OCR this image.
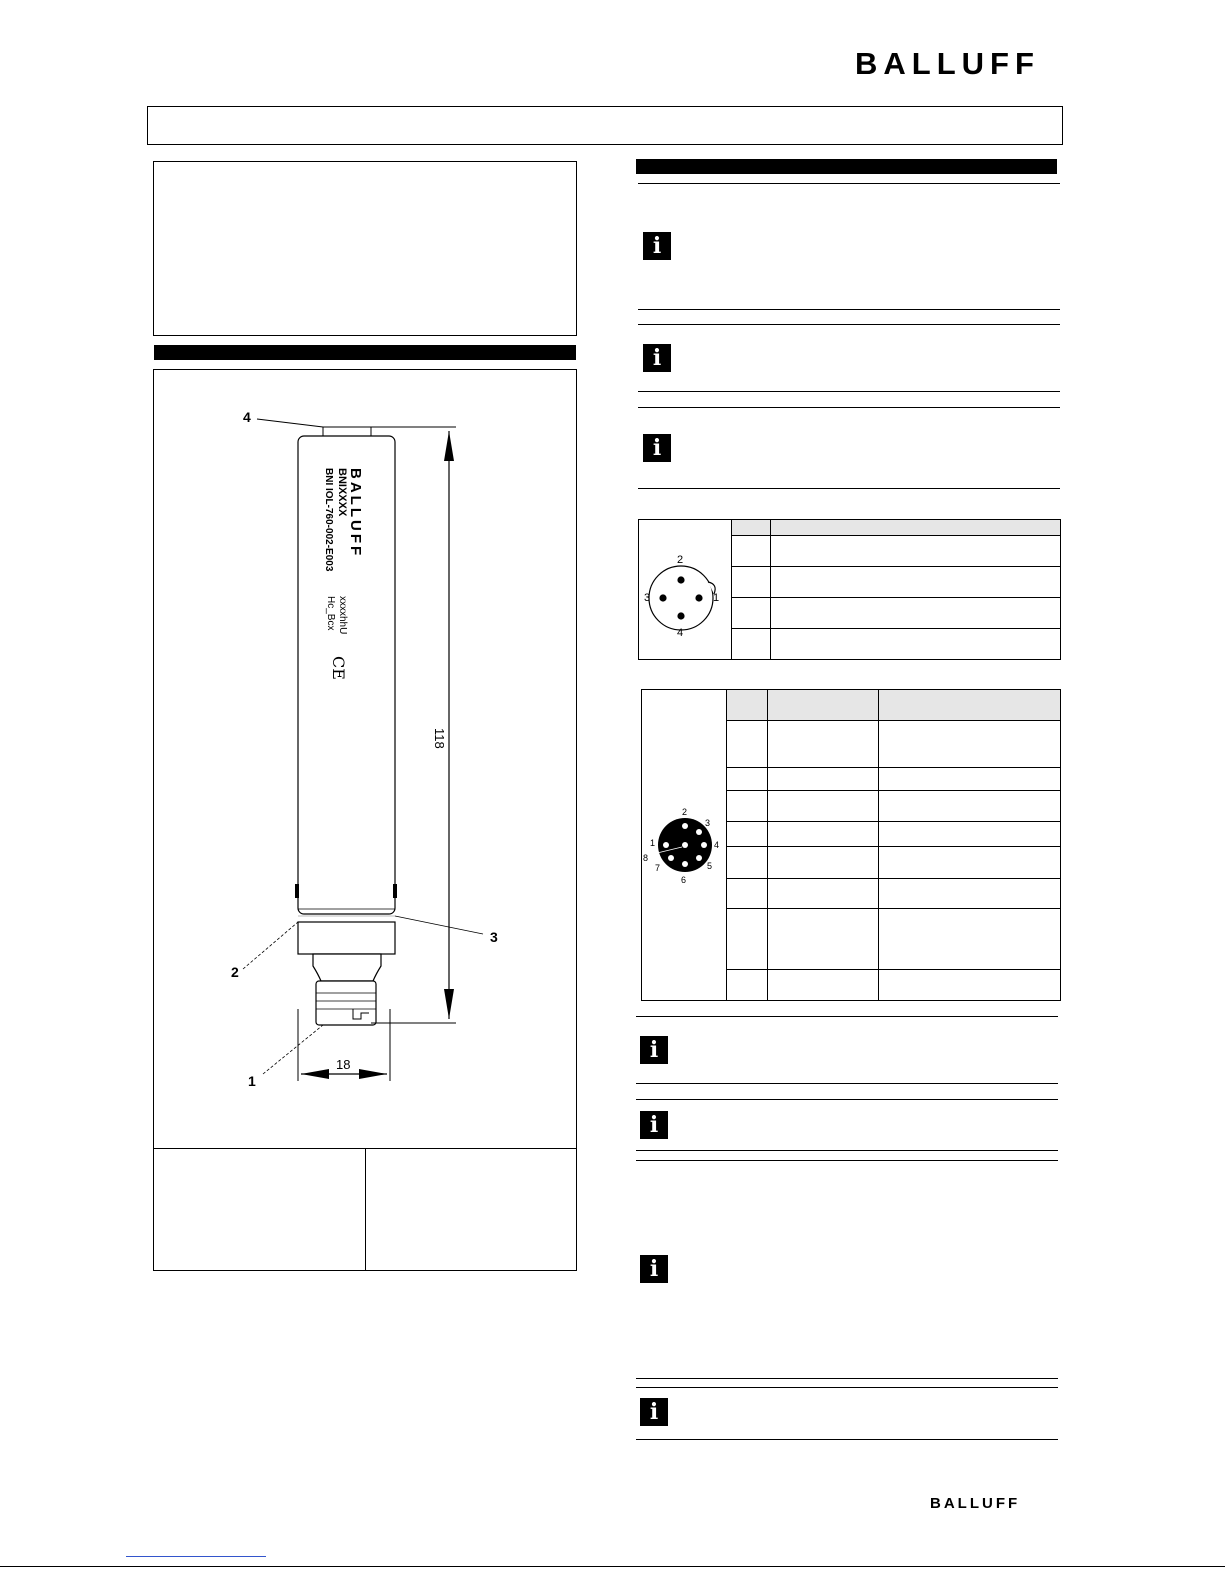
BALLUFF
BALLUFF
BNIXXXX
BNI IOL-760-002-E003
xxxxhhU
Hc_Bcx
CE
4
3
2
1
118
18
i
i
i
2
1
4
3

2
3
4
5
6
7
8
1

i
i
i
i
BALLUFF
